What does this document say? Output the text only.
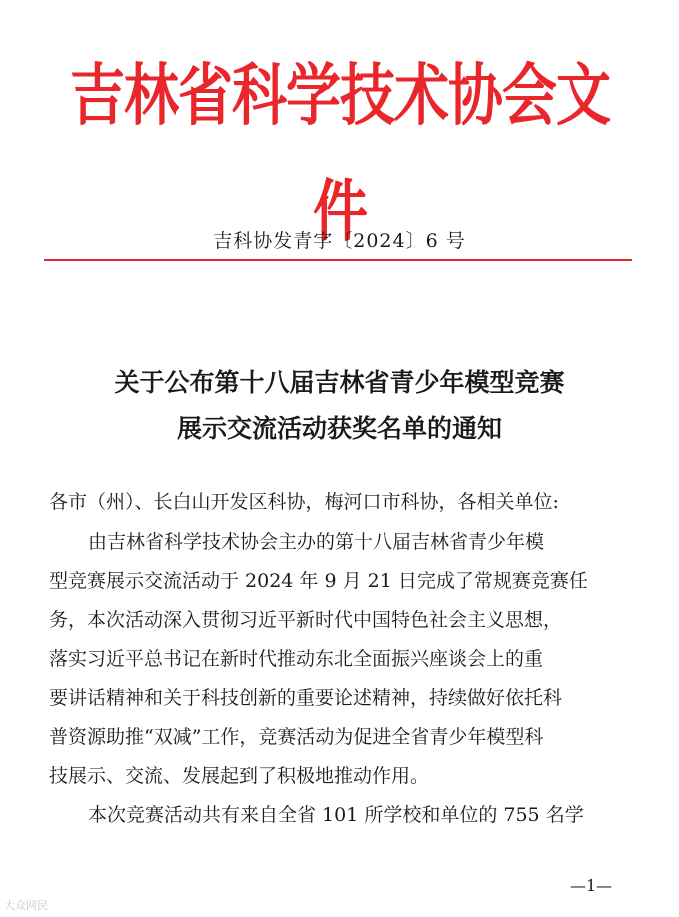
吉林省科学技术协会文件
吉科协发青字〔2024〕6 号
关于公布第十八届吉林省青少年模型竞赛
展示交流活动获奖名单的通知
各市（州）、长白山开发区科协，梅河口市科协，各相关单位:
由吉林省科学技术协会主办的第十八届吉林省青少年模
型竞赛展示交流活动于 2024 年 9 月 21 日完成了常规赛竞赛任
务，本次活动深入贯彻习近平新时代中国特色社会主义思想，
落实习近平总书记在新时代推动东北全面振兴座谈会上的重
要讲话精神和关于科技创新的重要论述精神，持续做好依托科
普资源助推“双减”工作，竞赛活动为促进全省青少年模型科
技展示、交流、发展起到了积极地推动作用。
本次竞赛活动共有来自全省 101 所学校和单位的 755 名学
—1—
大众网民
